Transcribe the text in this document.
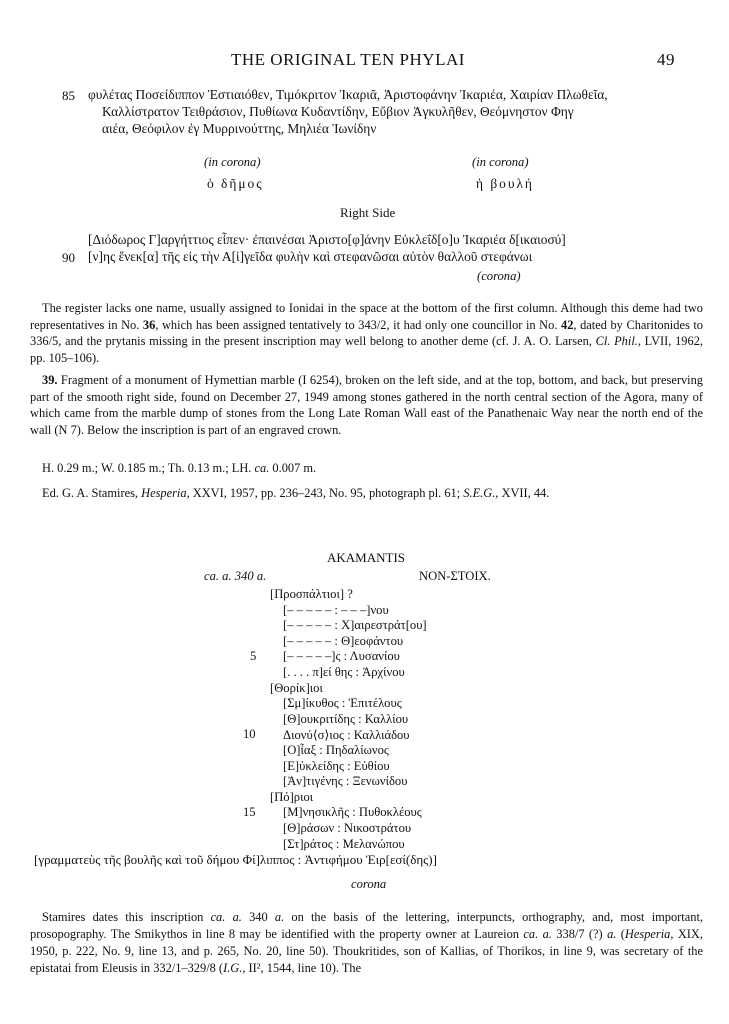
THE ORIGINAL TEN PHYLAI	49
85 φυλέτας Ποσείδιππον Ἑστιαιόθεν, Τιμόκριτον Ἰκαριᾶ, Ἀριστοφάνην Ἰκαριέα, Χαιρίαν Πλωθεῖα,
Καλλίστρατον Τειθράσιον, Πυθίωνα Κυδαντίδην, Εὔβιον Ἀγκυλῆθεν, Θεόμνηστον Φηγ
αιέα, Θεόφιλον ἐγ Μυρρινούττης, Μηλιέα Ἰωνίδην
(in corona)
ὁ δῆμος
(in corona)
ἡ βουλή
Right Side
[Διόδωρος Γ]αργήττιος εἶπεν· ἐπαινέσαι Ἀριστο[φ]άνην Εὐκλεΐδ[ο]υ Ἰκαριέα δ[ικαιοσύ]
90 [ν]ης ἕνεκ[α] τῆς εἰς τὴν Α[ἰ]γεῖδα φυλὴν καὶ στεφανῶσαι αὐτὸν θαλλοῦ στεφάνωι
(corona)
The register lacks one name, usually assigned to Ionidai in the space at the bottom of the first column. Although this deme had two representatives in No. 36, which has been assigned tentatively to 343/2, it had only one councillor in No. 42, dated by Charitonides to 336/5, and the prytanis missing in the present inscription may well belong to another deme (cf. J. A. O. Larsen, Cl. Phil., LVII, 1962, pp. 105–106).
39. Fragment of a monument of Hymettian marble (I 6254), broken on the left side, and at the top, bottom, and back, but preserving part of the smooth right side, found on December 27, 1949 among stones gathered in the north central section of the Agora, many of which came from the marble dump of stones from the Long Late Roman Wall east of the Panathenaic Way near the north end of the wall (N 7). Below the inscription is part of an engraved crown.
H. 0.29 m.; W. 0.185 m.; Th. 0.13 m.; LH. ca. 0.007 m.
Ed. G. A. Stamires, Hesperia, XXVI, 1957, pp. 236–243, No. 95, photograph pl. 61; S.E.G., XVII, 44.
AKAMANTIS
ca. a. 340 a.	ΝΟΝ-ΣΤΟΙΧ.
[Προσπάλτιοι] ?
[– – – – – : – – –]νου
[– – – – – : Χ]αιρεστράτ[ου]
[– – – – – : Θ]εοφάντου
[– – – – –]ς : Λυσανίου
5
[. . . . π]εί θης : Ἀρχίνου
[Θορίκ]ιοι
[Σμ]ίκυθος : Ἐπιτέλους
[Θ]ουκριτίδης : Καλλίου
Διονύ⟨σ⟩ιος : Καλλιάδου
10
[Ο]ἶαξ : Πηδαλίωνος
[Ε]ὐκλείδης : Εὐθίου
[Ἀν]τιγένης : Ξενωνίδου
[Πό]ριοι
[Μ]νησικλῆς : Πυθοκλέους
15
[Θ]ράσων : Νικοστράτου
[Στ]ράτος : Μελανώπου
[γραμματεὺς τῆς βουλῆς καὶ τοῦ δήμου Φί]λιππος : Ἀντιφήμου Ἐιρ[εσί(δης)]
corona
Stamires dates this inscription ca. a. 340 a. on the basis of the lettering, interpuncts, orthography, and, most important, prosopography. The Smikythos in line 8 may be identified with the property owner at Laureion ca. a. 338/7 (?) a. (Hesperia, XIX, 1950, p. 222, No. 9, line 13, and p. 265, No. 20, line 50). Thoukritides, son of Kallias, of Thorikos, in line 9, was secretary of the epistatai from Eleusis in 332/1–329/8 (I.G., II², 1544, line 10). The
